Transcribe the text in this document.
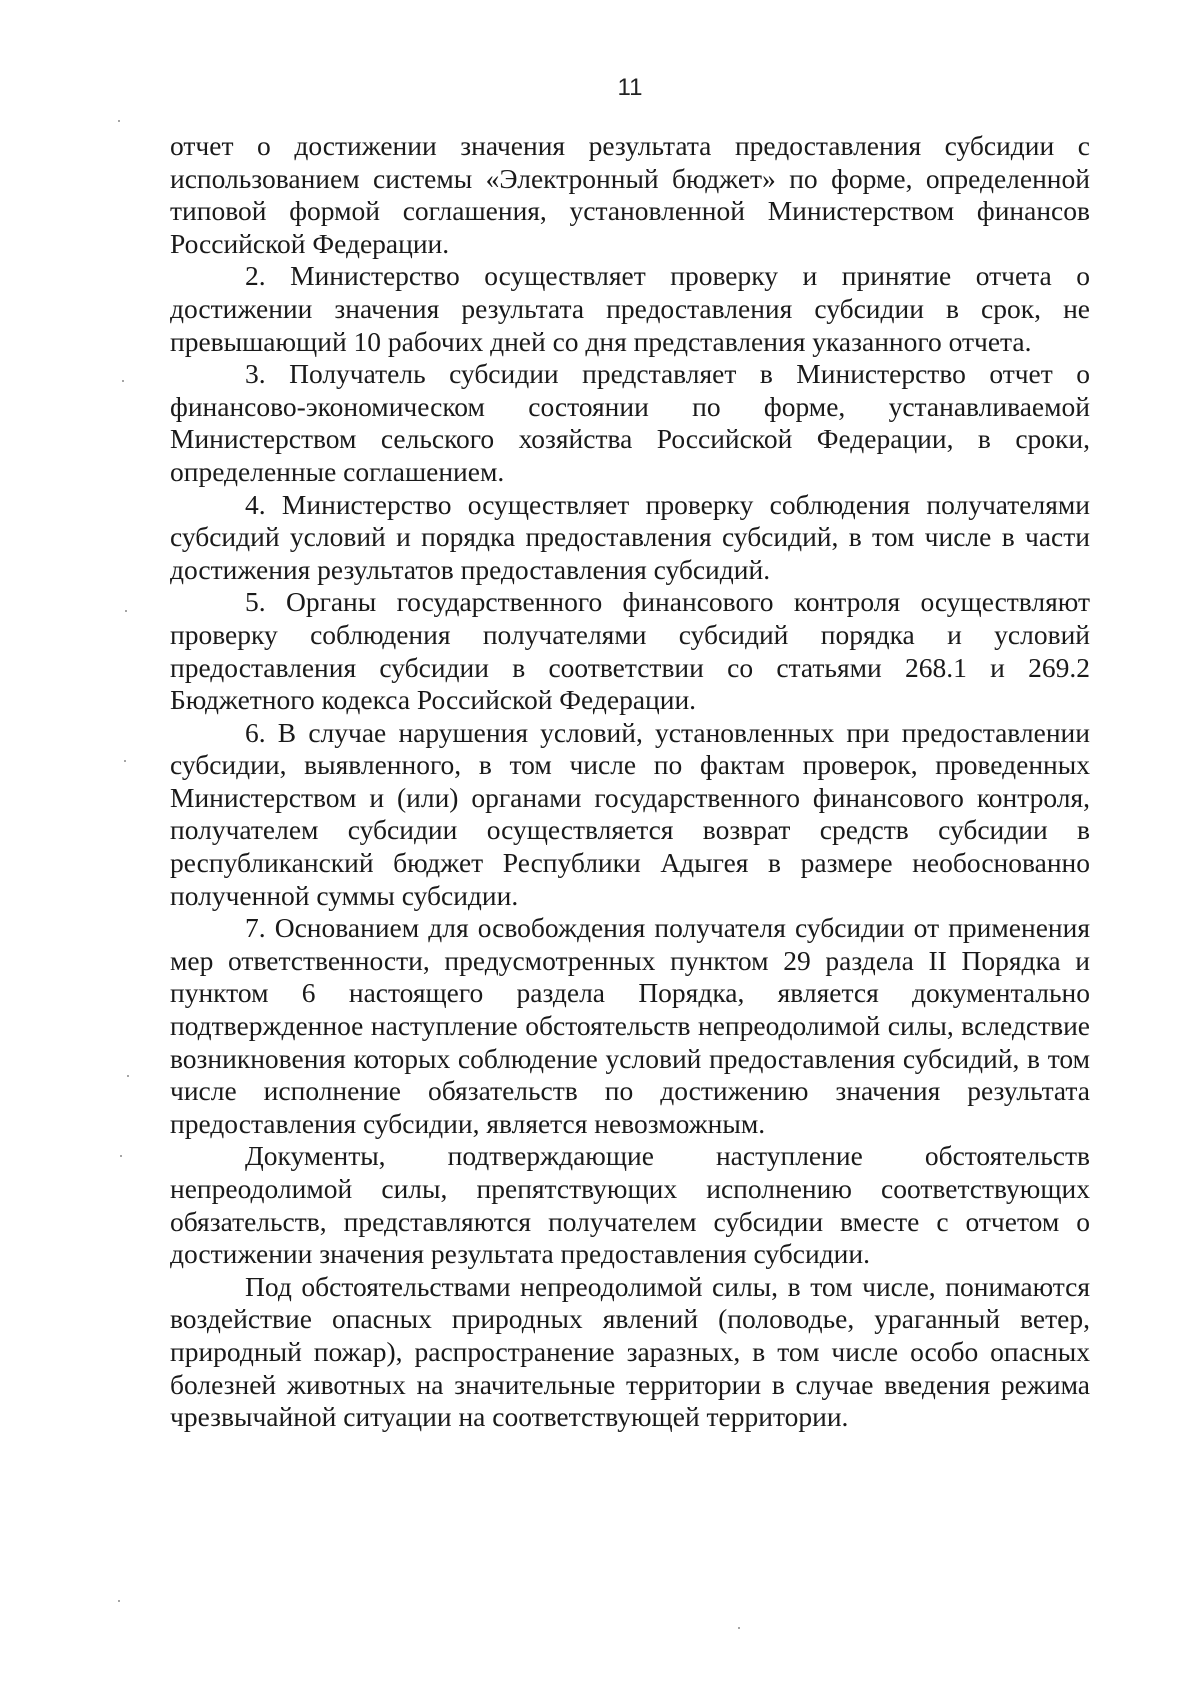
11

отчет о достижении значения результата предоставления субсидии с использованием системы «Электронный бюджет» по форме, определенной типовой формой соглашения, установленной Министерством финансов Российской Федерации.

2. Министерство осуществляет проверку и принятие отчета о достижении значения результата предоставления субсидии в срок, не превышающий 10 рабочих дней со дня представления указанного отчета.

3. Получатель субсидии представляет в Министерство отчет о финансово-экономическом состоянии по форме, устанавливаемой Министерством сельского хозяйства Российской Федерации, в сроки, определенные соглашением.

4. Министерство осуществляет проверку соблюдения получателями субсидий условий и порядка предоставления субсидий, в том числе в части достижения результатов предоставления субсидий.

5. Органы государственного финансового контроля осуществляют проверку соблюдения получателями субсидий порядка и условий предоставления субсидии в соответствии со статьями 268.1 и 269.2 Бюджетного кодекса Российской Федерации.

6. В случае нарушения условий, установленных при предоставлении субсидии, выявленного, в том числе по фактам проверок, проведенных Министерством и (или) органами государственного финансового контроля, получателем субсидии осуществляется возврат средств субсидии в республиканский бюджет Республики Адыгея в размере необоснованно полученной суммы субсидии.

7. Основанием для освобождения получателя субсидии от применения мер ответственности, предусмотренных пунктом 29 раздела II Порядка и пунктом 6 настоящего раздела Порядка, является документально подтвержденное наступление обстоятельств непреодолимой силы, вследствие возникновения которых соблюдение условий предоставления субсидий, в том числе исполнение обязательств по достижению значения результата предоставления субсидии, является невозможным.

Документы, подтверждающие наступление обстоятельств непреодолимой силы, препятствующих исполнению соответствующих обязательств, представляются получателем субсидии вместе с отчетом о достижении значения результата предоставления субсидии.

Под обстоятельствами непреодолимой силы, в том числе, понимаются воздействие опасных природных явлений (половодье, ураганный ветер, природный пожар), распространение заразных, в том числе особо опасных болезней животных на значительные территории в случае введения режима чрезвычайной ситуации на соответствующей территории.
